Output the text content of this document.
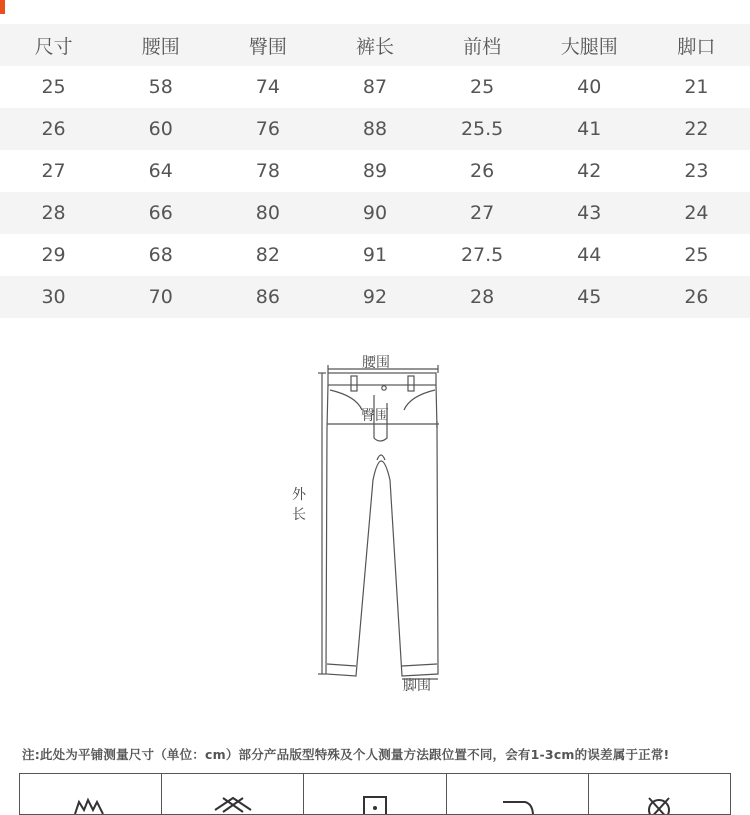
尺寸	腰围	臀围	裤长	前档	大腿围	脚口
25	58	74	87	25	40	21
26	60	76	88	25.5	41	22
27	64	78	89	26	42	23
28	66	80	90	27	43	24
29	68	82	91	27.5	44	25
30	70	86	92	28	45	26
腰围
臀围
外
长
脚围
注:此处为平铺测量尺寸（单位：cm）部分产品版型特殊及个人测量方法跟位置不同，会有1-3cm的误差属于正常!
